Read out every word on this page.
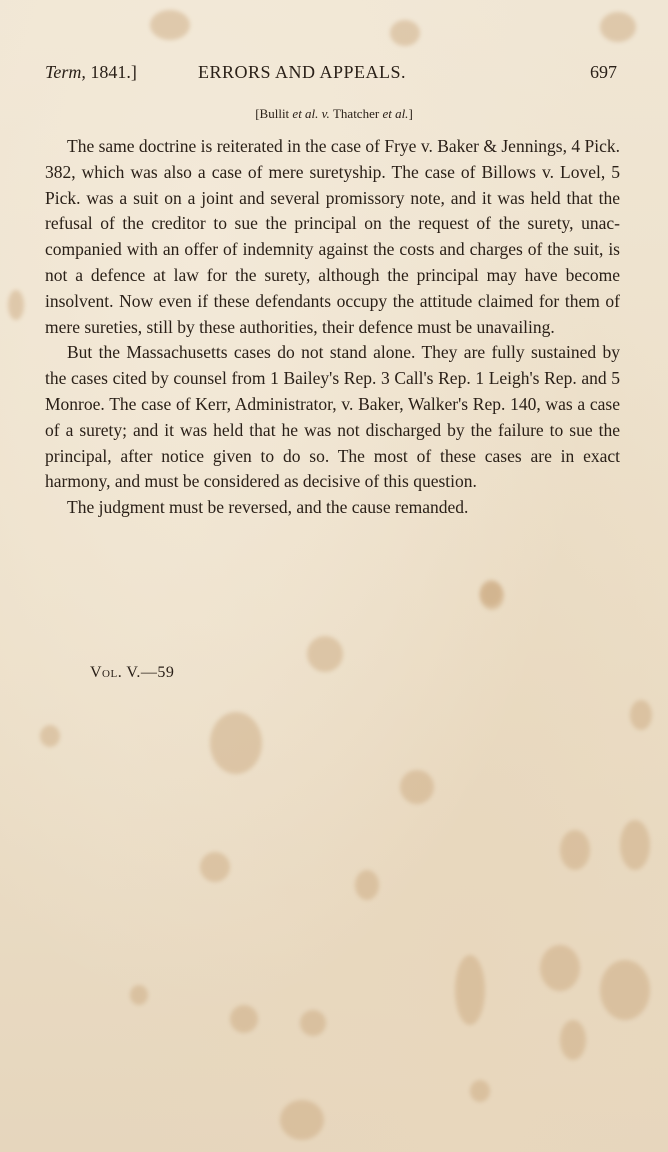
Term, 1841.]	ERRORS AND APPEALS.	697
[Bullit et al. v. Thatcher et al.]

The same doctrine is reiterated in the case of Frye v. Baker & Jennings, 4 Pick. 382, which was also a case of mere suretyship. The case of Billows v. Lovel, 5 Pick. was a suit on a joint and several promissory note, and it was held that the refusal of the creditor to sue the principal on the request of the surety, unaccompanied with an offer of indemnity against the costs and charges of the suit, is not a defence at law for the surety, although the principal may have become insolvent. Now even if these defendants occupy the attitude claimed for them of mere sureties, still by these authorities, their defence must be unavailing.

But the Massachusetts cases do not stand alone. They are fully sustained by the cases cited by counsel from 1 Bailey's Rep. 3 Call's Rep. 1 Leigh's Rep. and 5 Monroe. The case of Kerr, Administrator, v. Baker, Walker's Rep. 140, was a case of a surety; and it was held that he was not discharged by the failure to sue the principal, after notice given to do so. The most of these cases are in exact harmony, and must be considered as decisive of this question.

The judgment must be reversed, and the cause remanded.

Vol. V.—59
